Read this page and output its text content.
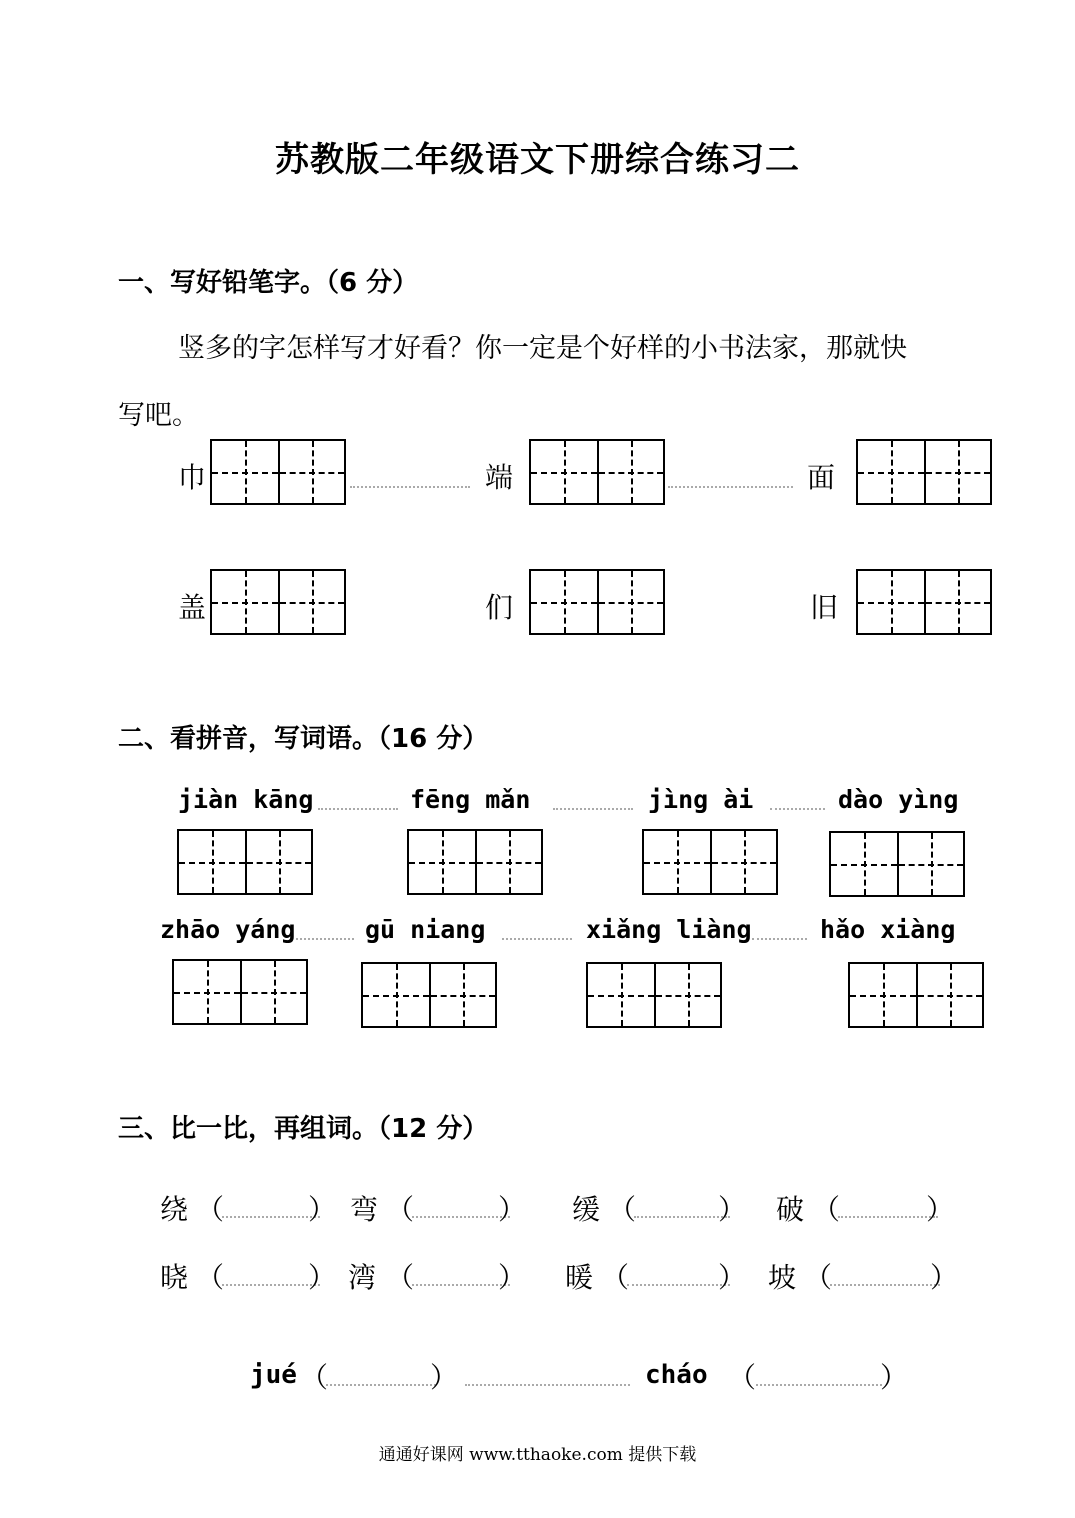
苏教版二年级语文下册综合练习二
一、写好铅笔字。（6 分）
竖多的字怎样写才好看？你一定是个好样的小书法家，那就快
写吧。
巾	端	面
盖	们	旧
二、看拼音，写词语。（16 分）
jiàn kāng	fēng mǎn	jìng ài	dào yìng
zhāo yáng	gū niang	xiǎng liàng	hǎo xiàng
三、比一比，再组词。（12 分）
绕 （	） 弯 （	） 缓 （	） 破 （	）
晓 （	） 湾 （	） 暖 （	） 坡 （	）
jué （	）	cháo （	）
通通好课网 www.tthaoke.com 提供下载
